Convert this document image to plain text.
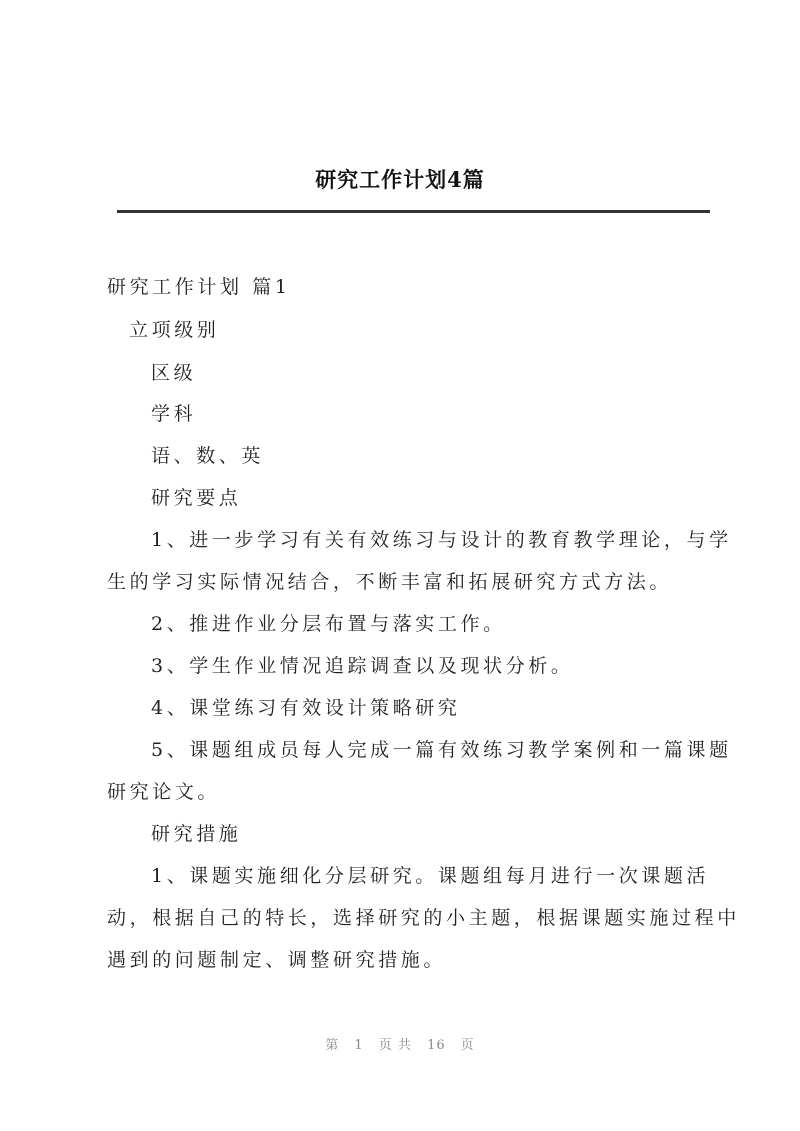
研究工作计划4篇
研究工作计划 篇1
立项级别
区级
学科
语、数、英
研究要点
1、进一步学习有关有效练习与设计的教育教学理论，与学
生的学习实际情况结合，不断丰富和拓展研究方式方法。
2、推进作业分层布置与落实工作。
3、学生作业情况追踪调查以及现状分析。
4、课堂练习有效设计策略研究
5、课题组成员每人完成一篇有效练习教学案例和一篇课题
研究论文。
研究措施
1、课题实施细化分层研究。课题组每月进行一次课题活
动，根据自己的特长，选择研究的小主题，根据课题实施过程中
遇到的问题制定、调整研究措施。
第 1 页 共 16 页
